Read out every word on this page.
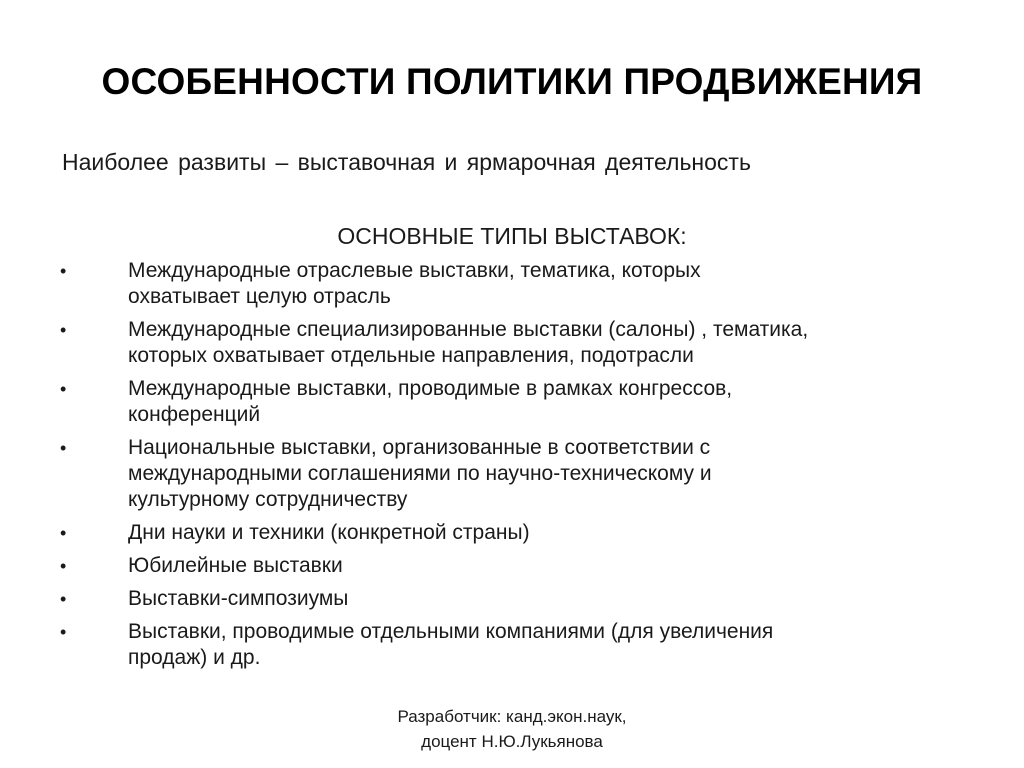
ОСОБЕННОСТИ ПОЛИТИКИ ПРОДВИЖЕНИЯ

Наиболее развиты – выставочная и ярмарочная деятельность

ОСНОВНЫЕ ТИПЫ ВЫСТАВОК:

•	Международные отраслевые выставки, тематика, которых
охватывает целую отрасль
•	Международные специализированные выставки (салоны) , тематика,
которых охватывает отдельные направления, подотрасли
•	Международные выставки, проводимые в рамках конгрессов,
конференций
•	Национальные выставки, организованные в соответствии с
международными соглашениями по научно-техническому и
культурному сотрудничеству
•	Дни науки и техники (конкретной страны)
•	Юбилейные выставки
•	Выставки-симпозиумы
•	Выставки, проводимые отдельными компаниями (для увеличения
продаж) и др.

Разработчик: канд.экон.наук,
доцент Н.Ю.Лукьянова
